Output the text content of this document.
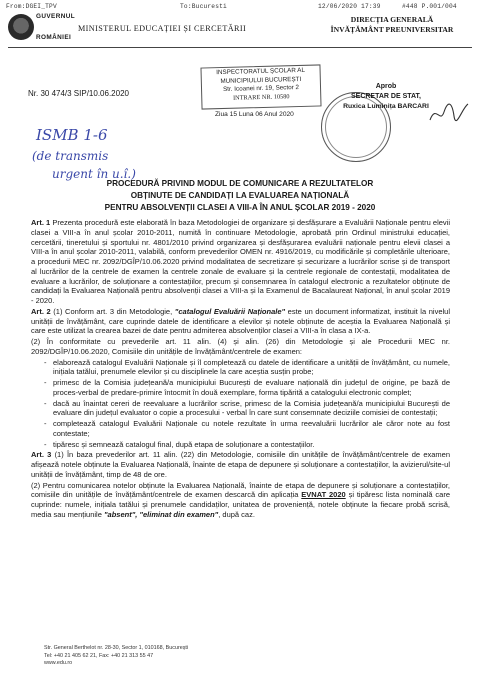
From:DGEI_TPV	To:Bucuresti	12/06/2020 17:39	#448 P.001/004
GUVERNUL
ROMÂNIEI
MINISTERUL EDUCAȚIEI ȘI CERCETĂRII
DIRECȚIA GENERALĂ
ÎNVĂȚĂMÂNT PREUNIVERSITAR
Nr. 30 474/3 SIP/10.06.2020
INSPECTORATUL ȘCOLAR AL
MUNICIPIULUI BUCUREȘTI
Str. Icoanei nr. 19, Sector 2
INTRARE NR. 10580
Ziua 15 Luna 06 Anul 2020
Aprob
SECRETAR DE STAT,
Ruxica Luminița BARCARI
ISMB 1-6
(de transmis
urgent în u.î.)
PROCEDURĂ PRIVIND MODUL DE COMUNICARE A REZULTATELOR
OBȚINUTE DE CANDIDAȚI LA EVALUAREA NAȚIONALĂ
PENTRU ABSOLVENȚII CLASEI A VIII-A ÎN ANUL ȘCOLAR 2019 - 2020

Art. 1 Prezenta procedură este elaborată în baza Metodologiei de organizare și desfășurare a Evaluării Naționale pentru elevii clasei a VIII-a în anul școlar 2010-2011, numită în continuare Metodologie, aprobată prin Ordinul ministrului educației, cercetării, tineretului și sportului nr. 4801/2010 privind organizarea și desfășurarea evaluării naționale pentru elevii clasei a VIII-a în anul școlar 2010-2011, valabilă, conform prevederilor OMEN nr. 4916/2019, cu modificările și completările ulterioare, a procedurii MEC nr. 2092/DGÎP/10.06.2020 privind modalitatea de secretizare și securizare a lucrărilor scrise și de transport al lucrărilor de la centrele de examen la centrele zonale de evaluare și la centrele regionale de contestații, modalitatea de evaluare a lucrărilor, de soluționare a contestațiilor, precum și consemnarea în catalogul electronic a rezultatelor obținute de candidați la Evaluarea Națională pentru absolvenții clasei a VIII-a și la Examenul de Bacalaureat Național, în anul școlar 2019 - 2020.

Art. 2 (1) Conform art. 3 din Metodologie, "catalogul Evaluării Naționale" este un document informatizat, instituit la nivelul unității de învățământ, care cuprinde datele de identificare a elevilor și notele obținute de aceștia la Evaluarea Națională și care este utilizat la crearea bazei de date pentru admiterea absolvenților clasei a VIII-a în clasa a IX-a.

(2) În conformitate cu prevederile art. 11 alin. (4) și alin. (26) din Metodologie și ale Procedurii MEC nr. 2092/DGÎP/10.06.2020, Comisiile din unitățile de învățământ/centrele de examen:

- elaborează catalogul Evaluării Naționale și îl completează cu datele de identificare a unității de învățământ, cu numele, inițiala tatălui, prenumele elevilor și cu disciplinele la care aceștia susțin probe;
- primesc de la Comisia județeană/a municipiului București de evaluare națională din județul de origine, pe bază de proces-verbal de predare-primire întocmit în două exemplare, forma tipărită a catalogului electronic complet;
- dacă au înaintat cereri de reevaluare a lucrărilor scrise, primesc de la Comisia județeană/a municipiului București de evaluare din județul evaluator o copie a procesului - verbal în care sunt consemnate deciziile comisiei de contestații;
- completează catalogul Evaluării Naționale cu notele rezultate în urma reevaluării lucrărilor ale căror note au fost contestate;
- tipăresc și semnează catalogul final, după etapa de soluționare a contestațiilor.

Art. 3 (1) În baza prevederilor art. 11 alin. (22) din Metodologie, comisiile din unitățile de învățământ/centrele de examen afișează notele obținute la Evaluarea Națională, înainte de etapa de depunere și soluționare a contestațiilor, la avizierul/site-ul unității de învățământ, timp de 48 de ore.

(2) Pentru comunicarea notelor obținute la Evaluarea Națională, înainte de etapa de depunere și soluționare a contestațiilor, comisiile din unitățile de învățământ/centrele de examen descarcă din aplicația EVNAT 2020 și tipăresc lista nominală care cuprinde: numele, inițiala tatălui și prenumele candidaților, unitatea de proveniență, notele obținute la fiecare probă scrisă, media sau mențiunile "absent", "eliminat din examen", după caz.

Str. General Berthelot nr. 28-30, Sector 1, 010168, București
Tel: +40 21 405 62 21, Fax: +40 21 313 55 47
www.edu.ro
